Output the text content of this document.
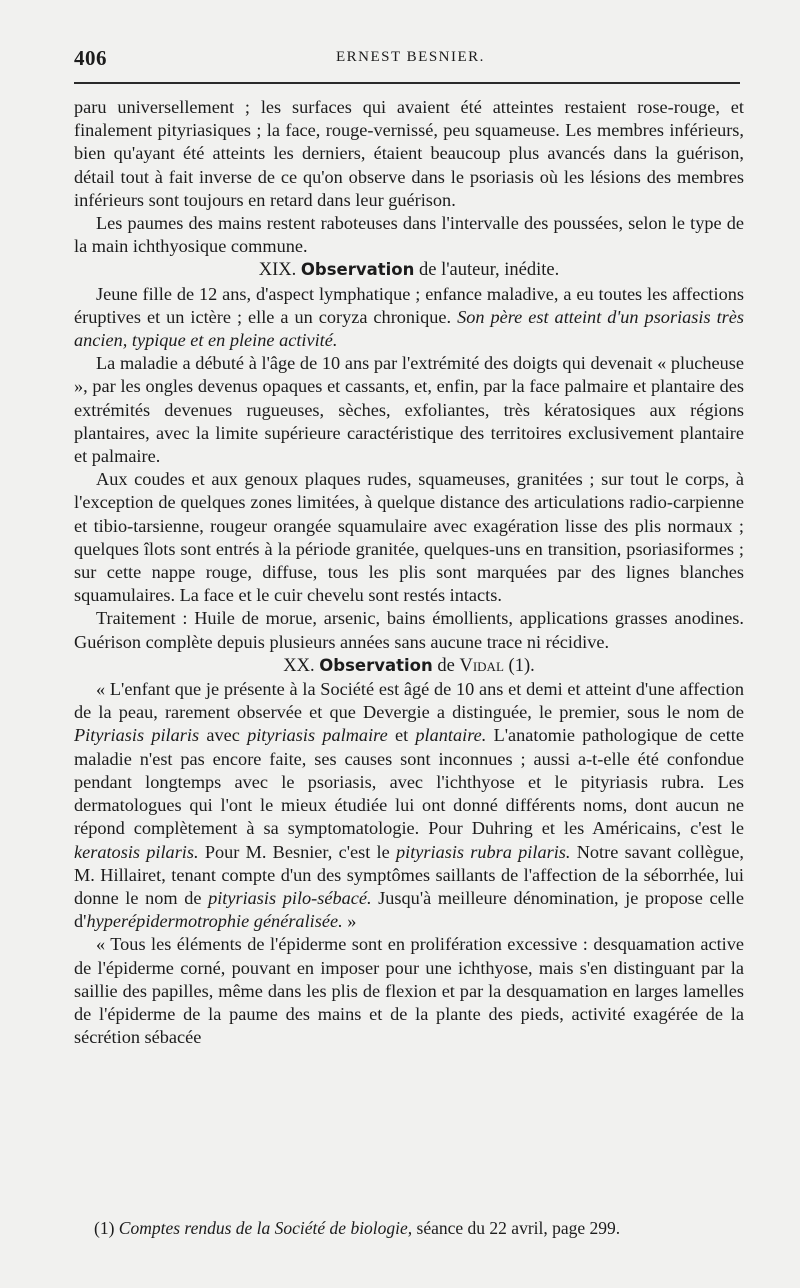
406	ERNEST BESNIER.

paru universellement ; les surfaces qui avaient été atteintes restaient rose-rouge, et finalement pityriasiques ; la face, rouge-vernissé, peu squameuse. Les membres inférieurs, bien qu'ayant été atteints les derniers, étaient beaucoup plus avancés dans la guérison, détail tout à fait inverse de ce qu'on observe dans le psoriasis où les lésions des membres inférieurs sont toujours en retard dans leur guérison.

Les paumes des mains restent raboteuses dans l'intervalle des poussées, selon le type de la main ichthyosique commune.

XIX. Observation de l'auteur, inédite.

Jeune fille de 12 ans, d'aspect lymphatique ; enfance maladive, a eu toutes les affections éruptives et un ictère ; elle a un coryza chronique. Son père est atteint d'un psoriasis très ancien, typique et en pleine activité.

La maladie a débuté à l'âge de 10 ans par l'extrémité des doigts qui devenait « plucheuse », par les ongles devenus opaques et cassants, et, enfin, par la face palmaire et plantaire des extrémités devenues rugueuses, sèches, exfoliantes, très kératosiques aux régions plantaires, avec la limite supérieure caractéristique des territoires exclusivement plantaire et palmaire.

Aux coudes et aux genoux plaques rudes, squameuses, granitées ; sur tout le corps, à l'exception de quelques zones limitées, à quelque distance des articulations radio-carpienne et tibio-tarsienne, rougeur orangée squamulaire avec exagération lisse des plis normaux ; quelques îlots sont entrés à la période granitée, quelques-uns en transition, psoriasiformes ; sur cette nappe rouge, diffuse, tous les plis sont marquées par des lignes blanches squamulaires. La face et le cuir chevelu sont restés intacts.

Traitement : Huile de morue, arsenic, bains émollients, applications grasses anodines. Guérison complète depuis plusieurs années sans aucune trace ni récidive.

XX. Observation de Vidal (1).

« L'enfant que je présente à la Société est âgé de 10 ans et demi et atteint d'une affection de la peau, rarement observée et que Devergie a distinguée, le premier, sous le nom de Pityriasis pilaris avec pityriasis palmaire et plantaire. L'anatomie pathologique de cette maladie n'est pas encore faite, ses causes sont inconnues ; aussi a-t-elle été confondue pendant longtemps avec le psoriasis, avec l'ichthyose et le pityriasis rubra. Les dermatologues qui l'ont le mieux étudiée lui ont donné différents noms, dont aucun ne répond complètement à sa symptomatologie. Pour Duhring et les Américains, c'est le keratosis pilaris. Pour M. Besnier, c'est le pityriasis rubra pilaris. Notre savant collègue, M. Hillairet, tenant compte d'un des symptômes saillants de l'affection de la séborrhée, lui donne le nom de pityriasis pilo-sébacé. Jusqu'à meilleure dénomination, je propose celle d'hyperépidermotrophie généralisée. »

« Tous les éléments de l'épiderme sont en prolifération excessive : desquamation active de l'épiderme corné, pouvant en imposer pour une ichthyose, mais s'en distinguant par la saillie des papilles, même dans les plis de flexion et par la desquamation en larges lamelles de l'épiderme de la paume des mains et de la plante des pieds, activité exagérée de la sécrétion sébacée

(1) Comptes rendus de la Société de biologie, séance du 22 avril, page 299.
